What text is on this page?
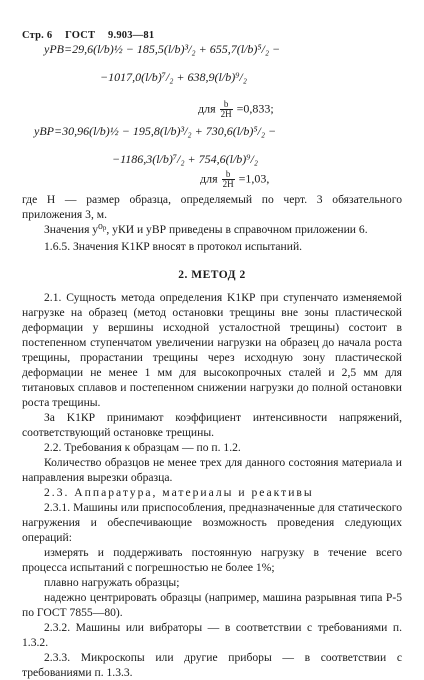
Стр. 6 ГОСТ 9.903—81
yРВ=29,6(l/b)½ − 185,5(l/b)³/₂ + 655,7(l/b)⁵/₂ −
−1017,0(l/b)⁷/₂ + 638,9(l/b)⁹/₂
для $\frac{b}{2H} =0,833$;
yВР=30,96(l/b)½ − 195,8(l/b)³/₂ + 730,6(l/b)⁵/₂ −
−1186,3(l/b)⁷/₂ + 754,6(l/b)⁹/₂
для $\frac{b}{2H} =1,03$,

где H — размер образца, определяемый по черт. 3 обязательного приложения 3, м.

Значения y⁰ᵖ, yКИ и yВР приведены в справочном приложении 6.

1.6.5. Значения K1КР вносят в протокол испытаний.

2. МЕТОД 2

2.1. Сущность метода определения K1КР при ступенчато изменяемой нагрузке на образец (метод остановки трещины вне зоны пластической деформации у вершины исходной усталостной трещины) состоит в постепенном ступенчатом увеличении нагрузки на образец до начала роста трещины, прорастании трещины через исходную зону пластической деформации не менее 1 мм для высокопрочных сталей и 2,5 мм для титановых сплавов и постепенном снижении нагрузки до полной остановки роста трещины.

За K1КР принимают коэффициент интенсивности напряжений, соответствующий остановке трещины.

2.2. Требования к образцам — по п. 1.2.

Количество образцов не менее трех для данного состояния материала и направления вырезки образца.

2.3. Аппаратура, материалы и реактивы

2.3.1. Машины или приспособления, предназначенные для статического нагружения и обеспечивающие возможность проведения следующих операций:

измерять и поддерживать постоянную нагрузку в течение всего процесса испытаний с погрешностью не более 1%;

плавно нагружать образцы;

надежно центрировать образцы (например, машина разрывная типа Р-5 по ГОСТ 7855—80).

2.3.2. Машины или вибраторы — в соответствии с требованиями п. 1.3.2.

2.3.3. Микроскопы или другие приборы — в соответствии с требованиями п. 1.3.3.
